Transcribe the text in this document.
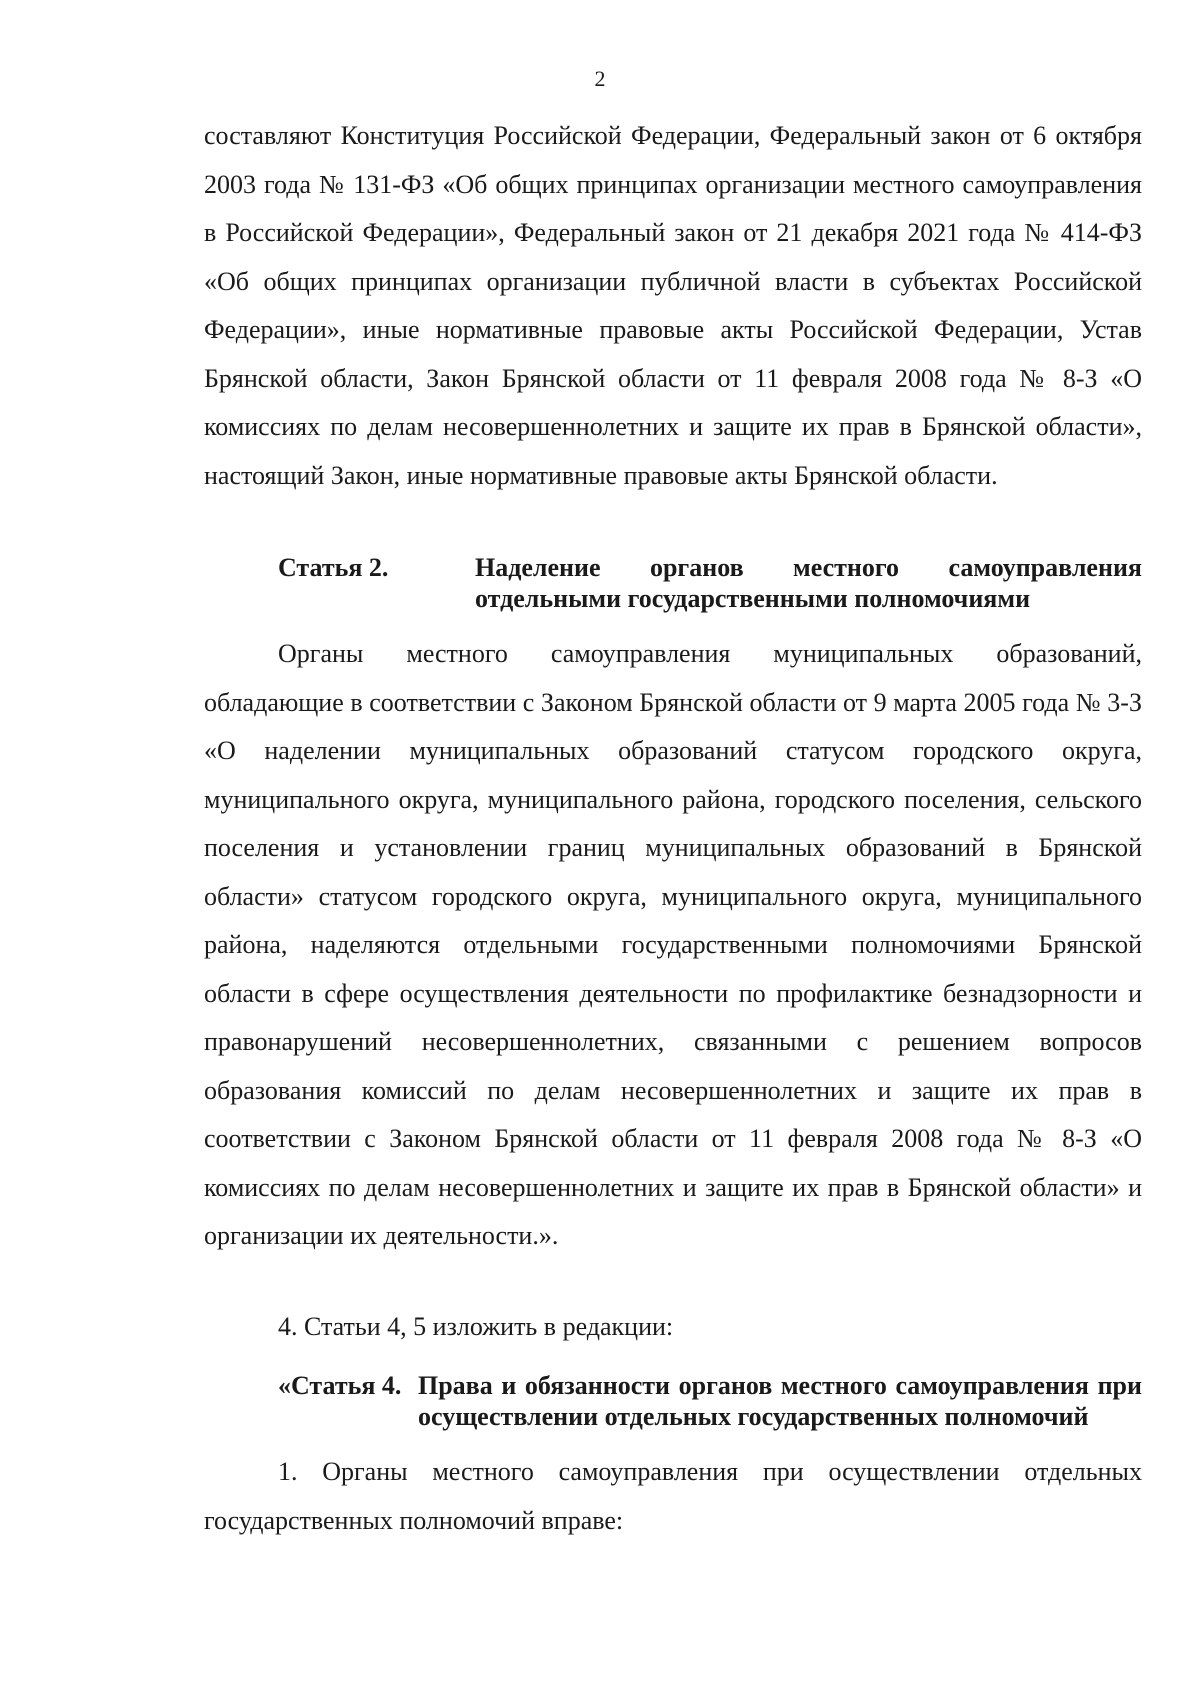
2

составляют Конституция Российской Федерации, Федеральный закон от 6 октября 2003 года № 131-ФЗ «Об общих принципах организации местного самоуправления в Российской Федерации», Федеральный закон от 21 декабря 2021 года № 414-ФЗ «Об общих принципах организации публичной власти в субъектах Российской Федерации», иные нормативные правовые акты Российской Федерации, Устав Брянской области, Закон Брянской области от 11 февраля 2008 года № 8-З «О комиссиях по делам несовершеннолетних и защите их прав в Брянской области», настоящий Закон, иные нормативные правовые акты Брянской области.

Статья 2.	Наделение органов местного самоуправления отдельными государственными полномочиями

Органы местного самоуправления муниципальных образований, обладающие в соответствии с Законом Брянской области от 9 марта 2005 года № 3-З «О наделении муниципальных образований статусом городского округа, муниципального округа, муниципального района, городского поселения, сельского поселения и установлении границ муниципальных образований в Брянской области» статусом городского округа, муниципального округа, муниципального района, наделяются отдельными государственными полномочиями Брянской области в сфере осуществления деятельности по профилактике безнадзорности и правонарушений несовершеннолетних, связанными с решением вопросов образования комиссий по делам несовершеннолетних и защите их прав в соответствии с Законом Брянской области от 11 февраля 2008 года № 8-З «О комиссиях по делам несовершеннолетних и защите их прав в Брянской области» и организации их деятельности.».

4. Статьи 4, 5 изложить в редакции:

«Статья 4. Права и обязанности органов местного самоуправления при осуществлении отдельных государственных полномочий

1. Органы местного самоуправления при осуществлении отдельных государственных полномочий вправе:
